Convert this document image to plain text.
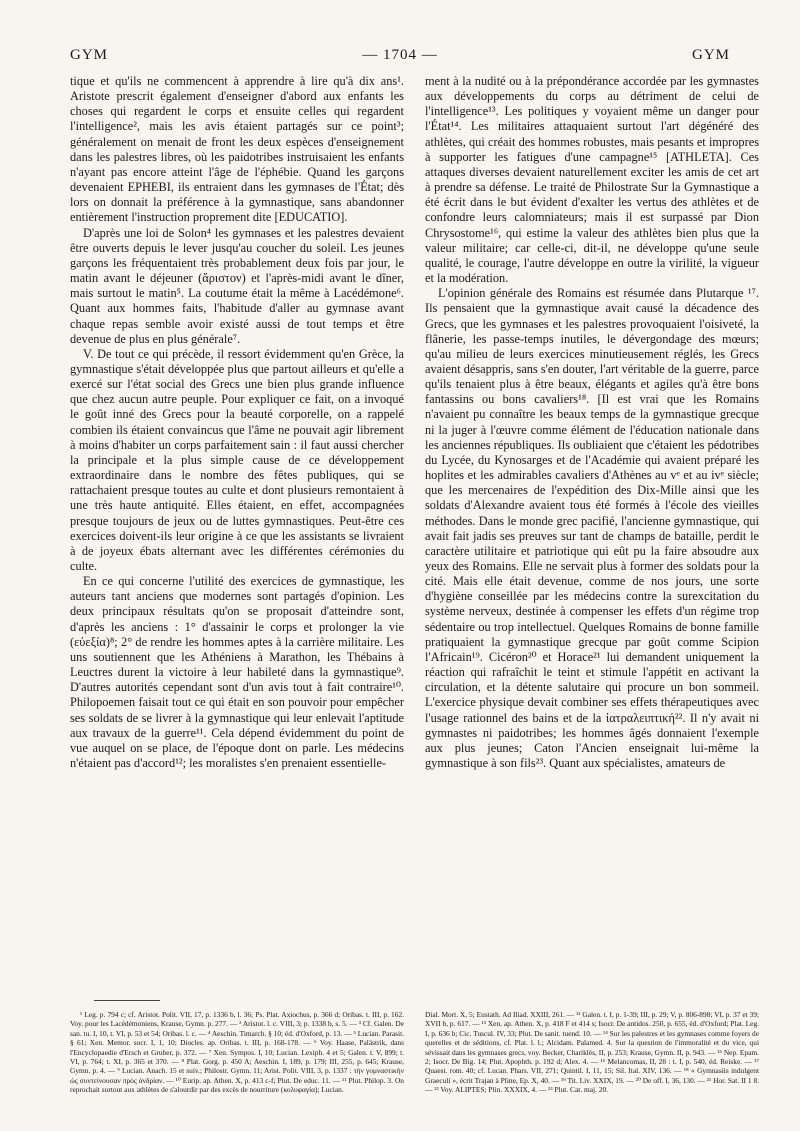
GYM	— 1704 —	GYM

tique et qu'ils ne commencent à apprendre à lire qu'à dix ans¹. Aristote prescrit également d'enseigner d'abord aux enfants les choses qui regardent le corps et ensuite celles qui regardent l'intelligence², mais les avis étaient partagés sur ce point³; généralement on menait de front les deux espèces d'enseignement dans les palestres libres, où les paidotribes instruisaient les enfants n'ayant pas encore atteint l'âge de l'éphébie. Quand les garçons devenaient EPHEBI, ils entraient dans les gymnases de l'État; dès lors on donnait la préférence à la gymnastique, sans abandonner entièrement l'instruction proprement dite [EDUCATIO].

D'après une loi de Solon⁴ les gymnases et les palestres devaient être ouverts depuis le lever jusqu'au coucher du soleil. Les jeunes garçons les fréquentaient très probablement deux fois par jour, le matin avant le déjeuner (ἄριστον) et l'après-midi avant le dîner, mais surtout le matin⁵. La coutume était la même à Lacédémone⁶. Quant aux hommes faits, l'habitude d'aller au gymnase avant chaque repas semble avoir existé aussi de tout temps et être devenue de plus en plus générale⁷.

V. De tout ce qui précède, il ressort évidemment qu'en Grèce, la gymnastique s'était développée plus que partout ailleurs et qu'elle a exercé sur l'état social des Grecs une bien plus grande influence que chez aucun autre peuple. Pour expliquer ce fait, on a invoqué le goût inné des Grecs pour la beauté corporelle, on a rappelé combien ils étaient convaincus que l'âme ne pouvait agir librement à moins d'habiter un corps parfaitement sain : il faut aussi chercher la principale et la plus simple cause de ce développement extraordinaire dans le nombre des fêtes publiques, qui se rattachaient presque toutes au culte et dont plusieurs remontaient à une très haute antiquité. Elles étaient, en effet, accompagnées presque toujours de jeux ou de luttes gymnastiques. Peut-être ces exercices doivent-ils leur origine à ce que les assistants se livraient à de joyeux ébats alternant avec les différentes cérémonies du culte.

En ce qui concerne l'utilité des exercices de gymnastique, les auteurs tant anciens que modernes sont partagés d'opinion. Les deux principaux résultats qu'on se proposait d'atteindre sont, d'après les anciens : 1° d'assainir le corps et prolonger la vie (εὐεξία)⁸; 2° de rendre les hommes aptes à la carrière militaire. Les uns soutiennent que les Athéniens à Marathon, les Thébains à Leuctres durent la victoire à leur habileté dans la gymnastique⁹. D'autres autorités cependant sont d'un avis tout à fait contraire¹⁰. Philopoemen faisait tout ce qui était en son pouvoir pour empêcher ses soldats de se livrer à la gymnastique qui leur enlevait l'aptitude aux travaux de la guerre¹¹. Cela dépend évidemment du point de vue auquel on se place, de l'époque dont on parle. Les médecins n'étaient pas d'accord¹²; les moralistes s'en prenaient essentielle-

ment à la nudité ou à la prépondérance accordée par les gymnastes aux développements du corps au détriment de celui de l'intelligence¹³. Les politiques y voyaient même un danger pour l'État¹⁴. Les militaires attaquaient surtout l'art dégénéré des athlètes, qui créait des hommes robustes, mais pesants et impropres à supporter les fatigues d'une campagne¹⁵ [ATHLETA]. Ces attaques diverses devaient naturellement exciter les amis de cet art à prendre sa défense. Le traité de Philostrate Sur la Gymnastique a été écrit dans le but évident d'exalter les vertus des athlètes et de confondre leurs calomniateurs; mais il est surpassé par Dion Chrysostome¹⁶, qui estime la valeur des athlètes bien plus que la valeur militaire; car celle-ci, dit-il, ne développe qu'une seule qualité, le courage, l'autre développe en outre la virilité, la vigueur et la modération.

L'opinion générale des Romains est résumée dans Plutarque ¹⁷. Ils pensaient que la gymnastique avait causé la décadence des Grecs, que les gymnases et les palestres provoquaient l'oisiveté, la flânerie, les passe-temps inutiles, le dévergondage des mœurs; qu'au milieu de leurs exercices minutieusement réglés, les Grecs avaient désappris, sans s'en douter, l'art véritable de la guerre, parce qu'ils tenaient plus à être beaux, élégants et agiles qu'à être bons fantassins ou bons cavaliers¹⁸. [Il est vrai que les Romains n'avaient pu connaître les beaux temps de la gymnastique grecque ni la juger à l'œuvre comme élément de l'éducation nationale dans les anciennes républiques. Ils oubliaient que c'étaient les pédotribes du Lycée, du Kynosarges et de l'Académie qui avaient préparé les hoplites et les admirables cavaliers d'Athènes au vᵉ et au ivᵉ siècle; que les mercenaires de l'expédition des Dix-Mille ainsi que les soldats d'Alexandre avaient tous été formés à l'école des vieilles méthodes. Dans le monde grec pacifié, l'ancienne gymnastique, qui avait fait jadis ses preuves sur tant de champs de bataille, perdit le caractère utilitaire et patriotique qui eût pu la faire absoudre aux yeux des Romains. Elle ne servait plus à former des soldats pour la cité. Mais elle était devenue, comme de nos jours, une sorte d'hygiène conseillée par les médecins contre la surexcitation du système nerveux, destinée à compenser les effets d'un régime trop sédentaire ou trop intellectuel. Quelques Romains de bonne famille pratiquaient la gymnastique grecque par goût comme Scipion l'Africain¹⁹. Cicéron²⁰ et Horace²¹ lui demandent uniquement la réaction qui rafraîchit le teint et stimule l'appétit en activant la circulation, et la détente salutaire qui procure un bon sommeil. L'exercice physique devait combiner ses effets thérapeutiques avec l'usage rationnel des bains et de la ἰατραλειπτική²². Il n'y avait ni gymnastes ni paidotribes; les hommes âgés donnaient l'exemple aux plus jeunes; Caton l'Ancien enseignait lui-même la gymnastique à son fils²³. Quant aux spécialistes, amateurs de

¹ Leg. p. 794 c; cf. Aristot. Polit. VII, 17, p. 1336 b, l. 36; Ps. Plat. Axiochus, p. 366 d; Oribas. t. III, p. 162. Voy. pour les Lacédémoniens, Krause, Gymn. p. 277. — ² Aristot. l. c. VIII, 3; p. 1338 b, s. 5. — ³ Cf. Galen. De san. tu. I, 10, t. VI, p. 53 et 54; Oribas. l. c. — ⁴ Aeschin. Timarch. § 10; éd. d'Oxford, p. 13. — ⁵ Lucian. Parasit. § 61; Xen. Memor. socr. I, 1, 10; Diocles. ap. Oribas. t. III, p. 168-178. — ⁶ Voy. Haase, Palästrik, dans l'Encyclopaedie d'Ersch et Gruber, p. 372. — ⁷ Xen. Sympos. I, 10; Lucian. Lexiph. 4 et 5; Galen. t. V, 899; t. VI, p. 764; t. XI, p. 365 et 370. — ⁸ Plat. Gorg. p. 450 A; Aeschin. I, 189, p. 179; III, 255, p. 645; Krause, Gymn. p. 4. — ⁹ Lucian. Anach. 15 et suiv.; Philostr. Gymn. 11; Arist. Polit. VIII, 3, p. 1337 : τὴν γυμναστικὴν ὡς συντείνουσαν πρὸς ἀνδρίαν. — ¹⁰ Eurip. ap. Athen. X, p. 413 c-f; Plut. De educ. 11. — ¹¹ Plut. Philop. 3. On reprochait surtout aux athlètes de s'alourdir par des excès de nourriture (κολυφαγία); Lucian.

Dial. Mort. X, 5; Eustath. Ad Iliad. XXIII, 261. — ¹² Galen. t. I, p. 1-39; III, p. 29; V, p. 806-898; VI, p. 37 et 39; XVII b, p. 617. — ¹³ Xen. ap. Athen. X, p. 418 F et 414 s; Isocr. De antidos. 250, p. 655, éd. d'Oxford; Plat. Leg. I, p. 636 b; Cic. Tuscul. IV, 33; Plut. De sanit. tuend. 10. — ¹⁴ Sur les palestres et les gymnases comme foyers de querelles et de séditions, cf. Plat. l. l.; Alcidam. Palamed. 4. Sur la question de l'immoralité et du vice, qui sévissait dans les gymnases grecs, voy. Becker, Chariklès, II, p. 253; Krause, Gymn. II, p. 943. — ¹⁵ Nep. Epam. 2; Isocr. De Big. 14; Plut. Apophth. p. 192 d; Alex. 4. — ¹⁶ Melancomas, II, 28 : t. I, p. 540, éd. Reiske. — ¹⁷ Quaest. rom. 40; cf. Lucan. Phars. VII, 271; Quintil. I, 11, 15; Sil. Ital. XIV, 136. — ¹⁸ « Gymnasiis indulgent Graeculi », écrit Trajan à Pline, Ep. X, 40. — ¹⁹ Tit. Liv. XXIX, 19. — ²⁰ De off. I, 36, 130. — ²¹ Hor. Sat. II 1 8. — ²² Voy. ALIPTES; Plin. XXXIX, 4. — ²³ Plut. Cat. maj. 20.
